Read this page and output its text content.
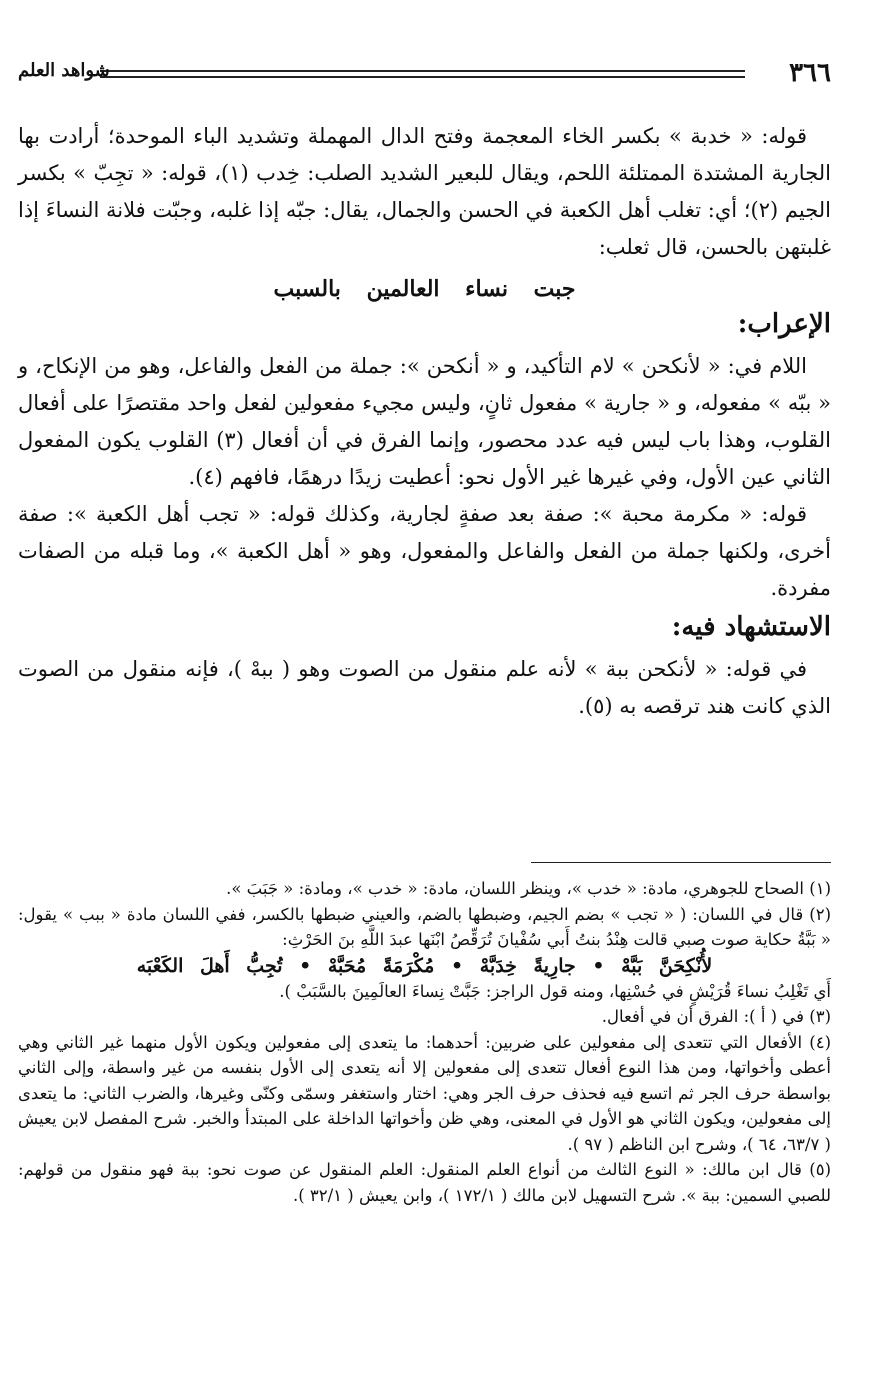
٣٦٦
شواهد العلم

قوله: « خدبة » بكسر الخاء المعجمة وفتح الدال المهملة وتشديد الباء الموحدة؛ أرادت بها الجارية المشتدة الممتلئة اللحم، ويقال للبعير الشديد الصلب: خِدب (١)، قوله: « تجِبّ » بكسر الجيم (٢)؛ أي: تغلب أهل الكعبة في الحسن والجمال، يقال: جبّه إذا غلبه، وجبّت فلانة النساءَ إذا غلبتهن بالحسن، قال ثعلب:

جبت نساء العالمين بالسبب
الإعراب:

اللام في: « لأنكحن » لام التأكيد، و « أنكحن »: جملة من الفعل والفاعل، وهو من الإنكاح، و « ببّه » مفعوله، و « جارية » مفعول ثانٍ، وليس مجيء مفعولين لفعل واحد مقتصرًا على أفعال القلوب، وهذا باب ليس فيه عدد محصور، وإنما الفرق في أن أفعال (٣) القلوب يكون المفعول الثاني عين الأول، وفي غيرها غير الأول نحو: أعطيت زيدًا درهمًا، فافهم (٤).

قوله: « مكرمة محبة »: صفة بعد صفةٍ لجارية، وكذلك قوله: « تجب أهل الكعبة »: صفة أخرى، ولكنها جملة من الفعل والفاعل والمفعول، وهو « أهل الكعبة »، وما قبله من الصفات مفردة.

الاستشهاد فيه:

في قوله: « لأنكحن ببة » لأنه علم منقول من الصوت وهو ( ببهْ )، فإنه منقول من الصوت الذي كانت هند ترقصه به (٥).

(١) الصحاح للجوهري، مادة: « خدب »، وينظر اللسان، مادة: « خدب »، ومادة: « جَبَبَ ».

(٢) قال في اللسان: ( « تجب » بضم الجيم، وضبطها بالضم، والعيني ضبطها بالكسر، ففي اللسان مادة « ببب » يقول: « بَبَّةُ حكاية صوت صبي قالت هِنْدُ بنتُ أَبي سُفْيانَ تُرَقِّصُ ابْنَها عبدَ اللَّهِ بنَ الحَرْثِ:

لأُنْكِحَنَّ بَبَّهْ • جارِيةً خِدَبَّهْ • مُكْرَمَةً مُحَبَّهْ • تُجِبُّ أَهلَ الكَعْبَه

أَي تَغْلِبُ نساءَ قُرَيْشٍ في حُسْنِها، ومنه قول الراجز: جَبَّتْ نِساءَ العالَمِينَ بالسَّبَبْ ).

(٣) في ( أ ): الفرق أن في أفعال.

(٤) الأفعال التي تتعدى إلى مفعولين على ضربين: أحدهما: ما يتعدى إلى مفعولين ويكون الأول منهما غير الثاني وهي أعطى وأخواتها، ومن هذا النوع أفعال تتعدى إلى مفعولين إلا أنه يتعدى إلى الأول بنفسه من غير واسطة، وإلى الثاني بواسطة حرف الجر ثم اتسع فيه فحذف حرف الجر وهي: اختار واستغفر وسمّى وكنّى وغيرها، والضرب الثاني: ما يتعدى إلى مفعولين، ويكون الثاني هو الأول في المعنى، وهي ظن وأخواتها الداخلة على المبتدأ والخبر. شرح المفصل لابن يعيش ( ٦٣/٧، ٦٤ )، وشرح ابن الناظم ( ٩٧ ).

(٥) قال ابن مالك: « النوع الثالث من أنواع العلم المنقول: العلم المنقول عن صوت نحو: ببة فهو منقول من قولهم: للصبي السمين: ببة ». شرح التسهيل لابن مالك ( ١٧٢/١ )، وابن يعيش ( ٣٢/١ ).
